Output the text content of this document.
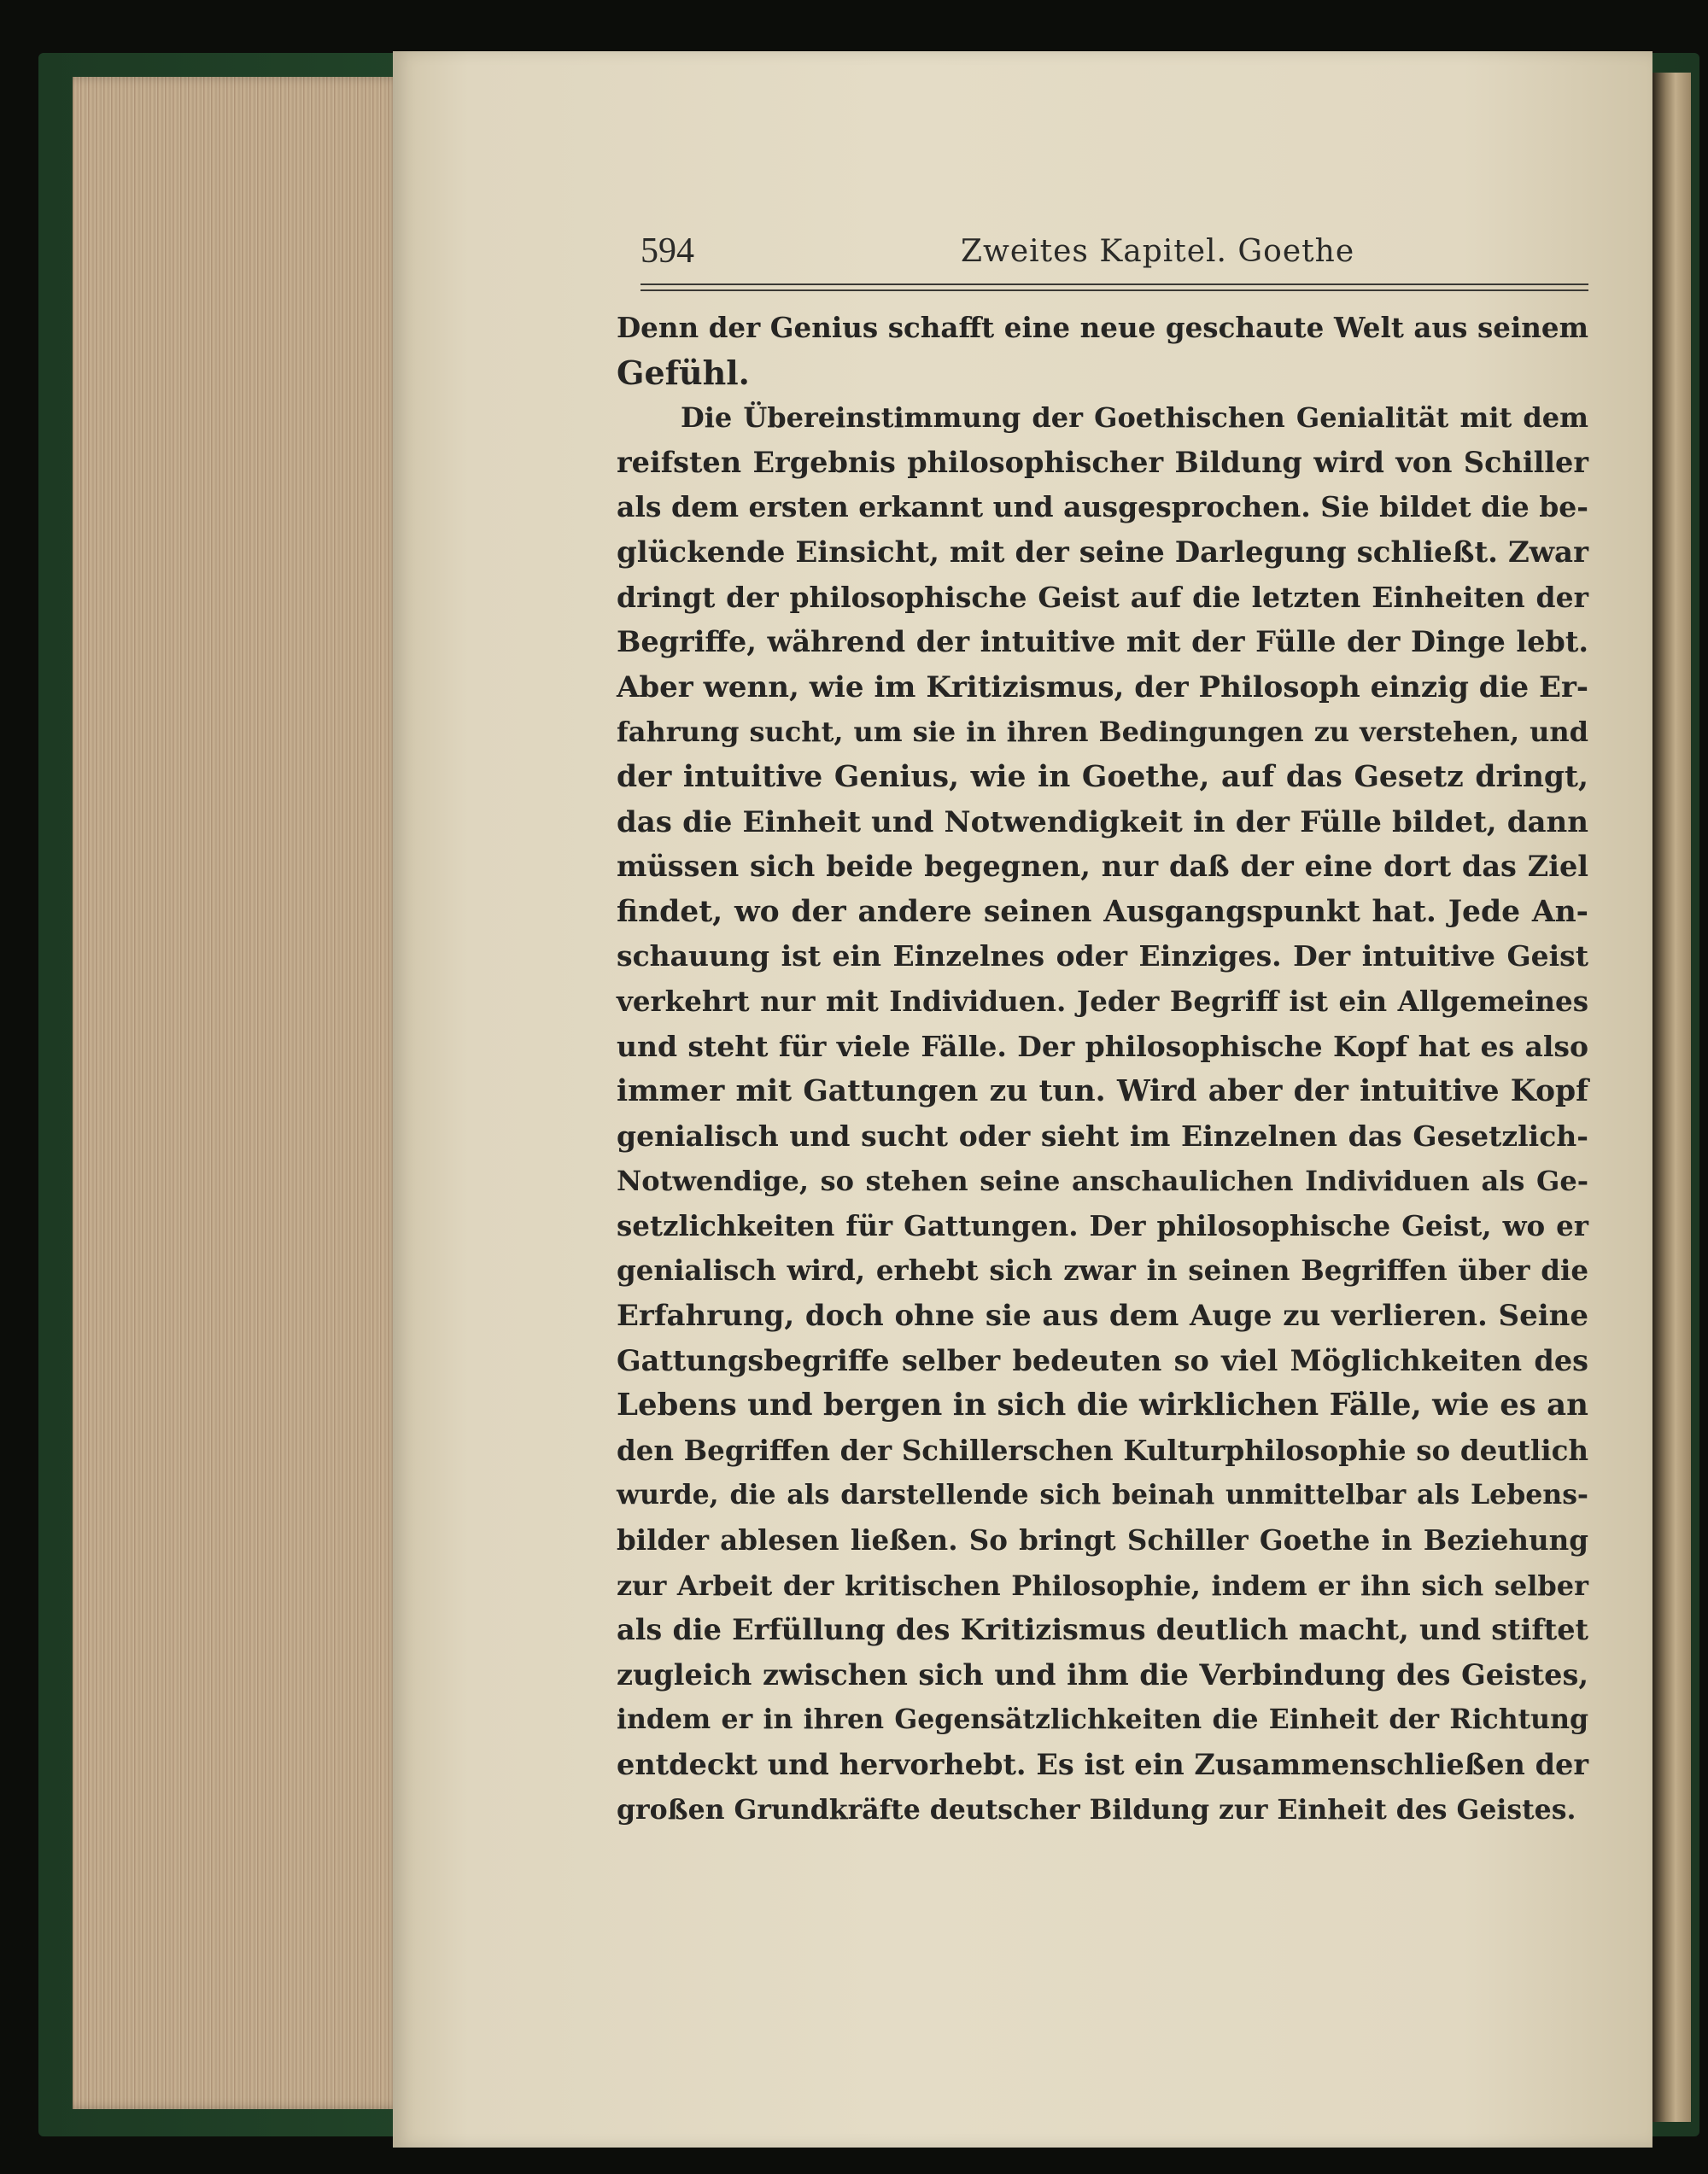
594	Zweites Kapitel. Goethe
Denn der Genius schafft eine neue geschaute Welt aus seinem
Gefühl.
Die Übereinstimmung der Goethischen Genialität mit dem
reifsten Ergebnis philosophischer Bildung wird von Schiller
als dem ersten erkannt und ausgesprochen. Sie bildet die be-
glückende Einsicht, mit der seine Darlegung schließt. Zwar
dringt der philosophische Geist auf die letzten Einheiten der
Begriffe, während der intuitive mit der Fülle der Dinge lebt.
Aber wenn, wie im Kritizismus, der Philosoph einzig die Er-
fahrung sucht, um sie in ihren Bedingungen zu verstehen, und
der intuitive Genius, wie in Goethe, auf das Gesetz dringt,
das die Einheit und Notwendigkeit in der Fülle bildet, dann
müssen sich beide begegnen, nur daß der eine dort das Ziel
findet, wo der andere seinen Ausgangspunkt hat. Jede An-
schauung ist ein Einzelnes oder Einziges. Der intuitive Geist
verkehrt nur mit Individuen. Jeder Begriff ist ein Allgemeines
und steht für viele Fälle. Der philosophische Kopf hat es also
immer mit Gattungen zu tun. Wird aber der intuitive Kopf
genialisch und sucht oder sieht im Einzelnen das Gesetzlich-
Notwendige, so stehen seine anschaulichen Individuen als Ge-
setzlichkeiten für Gattungen. Der philosophische Geist, wo er
genialisch wird, erhebt sich zwar in seinen Begriffen über die
Erfahrung, doch ohne sie aus dem Auge zu verlieren. Seine
Gattungsbegriffe selber bedeuten so viel Möglichkeiten des
Lebens und bergen in sich die wirklichen Fälle, wie es an
den Begriffen der Schillerschen Kulturphilosophie so deutlich
wurde, die als darstellende sich beinah unmittelbar als Lebens-
bilder ablesen ließen. So bringt Schiller Goethe in Beziehung
zur Arbeit der kritischen Philosophie, indem er ihn sich selber
als die Erfüllung des Kritizismus deutlich macht, und stiftet
zugleich zwischen sich und ihm die Verbindung des Geistes,
indem er in ihren Gegensätzlichkeiten die Einheit der Richtung
entdeckt und hervorhebt. Es ist ein Zusammenschließen der
großen Grundkräfte deutscher Bildung zur Einheit des Geistes.
